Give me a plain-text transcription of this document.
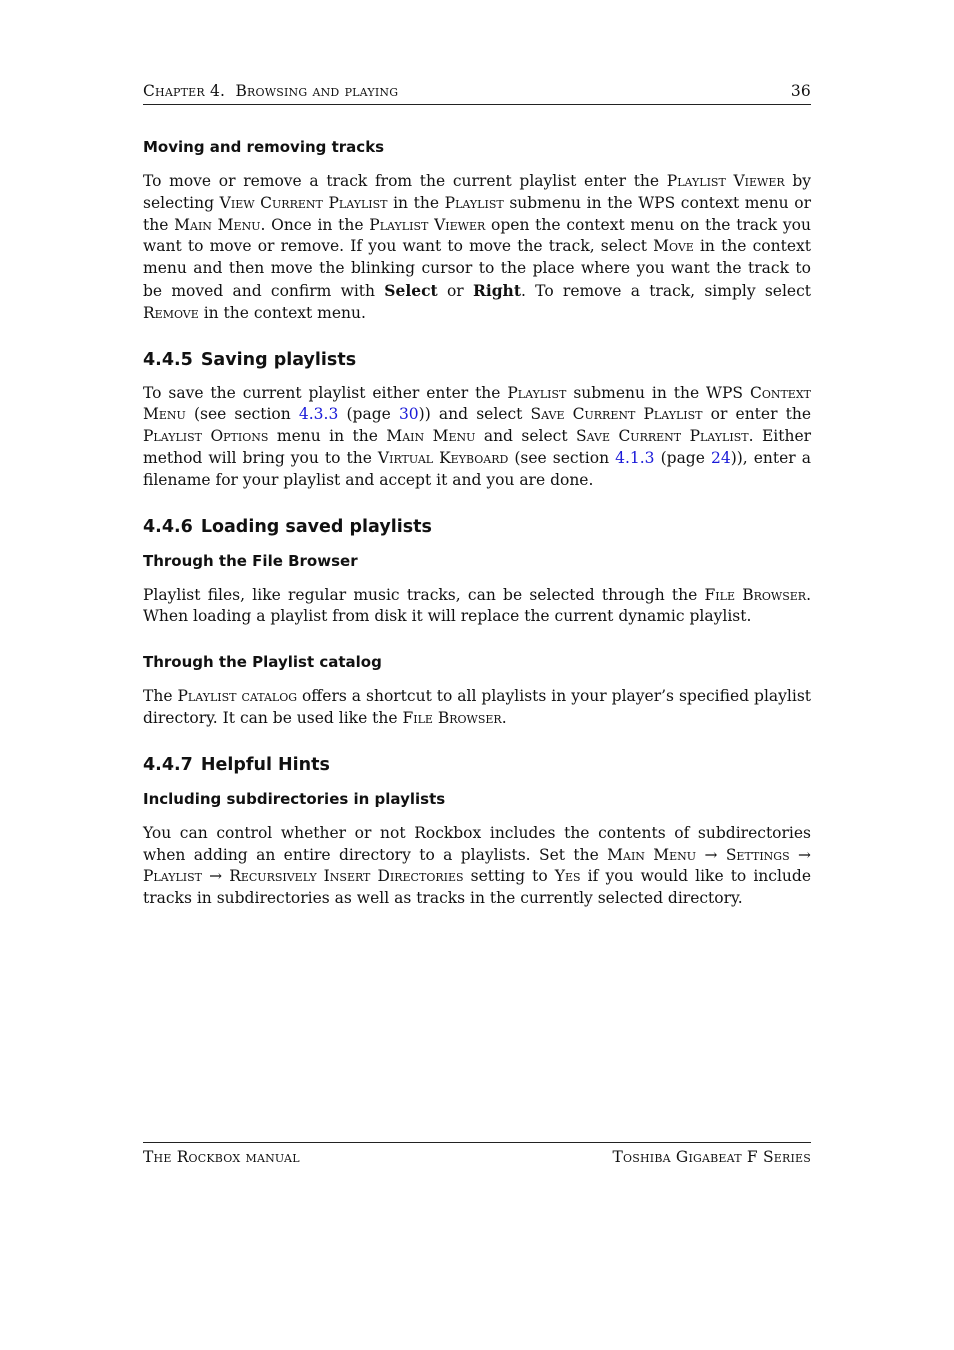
Chapter 4. Browsing and playing	36
Moving and removing tracks

To move or remove a track from the current playlist enter the Playlist Viewer by selecting View Current Playlist in the Playlist submenu in the WPS context menu or the Main Menu. Once in the Playlist Viewer open the context menu on the track you want to move or remove. If you want to move the track, select Move in the context menu and then move the blinking cursor to the place where you want the track to be moved and confirm with Select or Right. To remove a track, simply select Remove in the context menu.

4.4.5 Saving playlists

To save the current playlist either enter the Playlist submenu in the WPS Context Menu (see section 4.3.3 (page 30)) and select Save Current Playlist or enter the Playlist Options menu in the Main Menu and select Save Current Playlist. Either method will bring you to the Virtual Keyboard (see section 4.1.3 (page 24)), enter a filename for your playlist and accept it and you are done.

4.4.6 Loading saved playlists
Through the File Browser

Playlist files, like regular music tracks, can be selected through the File Browser. When loading a playlist from disk it will replace the current dynamic playlist.

Through the Playlist catalog

The Playlist catalog offers a shortcut to all playlists in your player’s specified playlist directory. It can be used like the File Browser.

4.4.7 Helpful Hints
Including subdirectories in playlists

You can control whether or not Rockbox includes the contents of subdirectories when adding an entire directory to a playlists. Set the Main Menu → Settings → Playlist → Recursively Insert Directories setting to Yes if you would like to include tracks in subdirectories as well as tracks in the currently selected directory.

The Rockbox manual	Toshiba Gigabeat F Series
